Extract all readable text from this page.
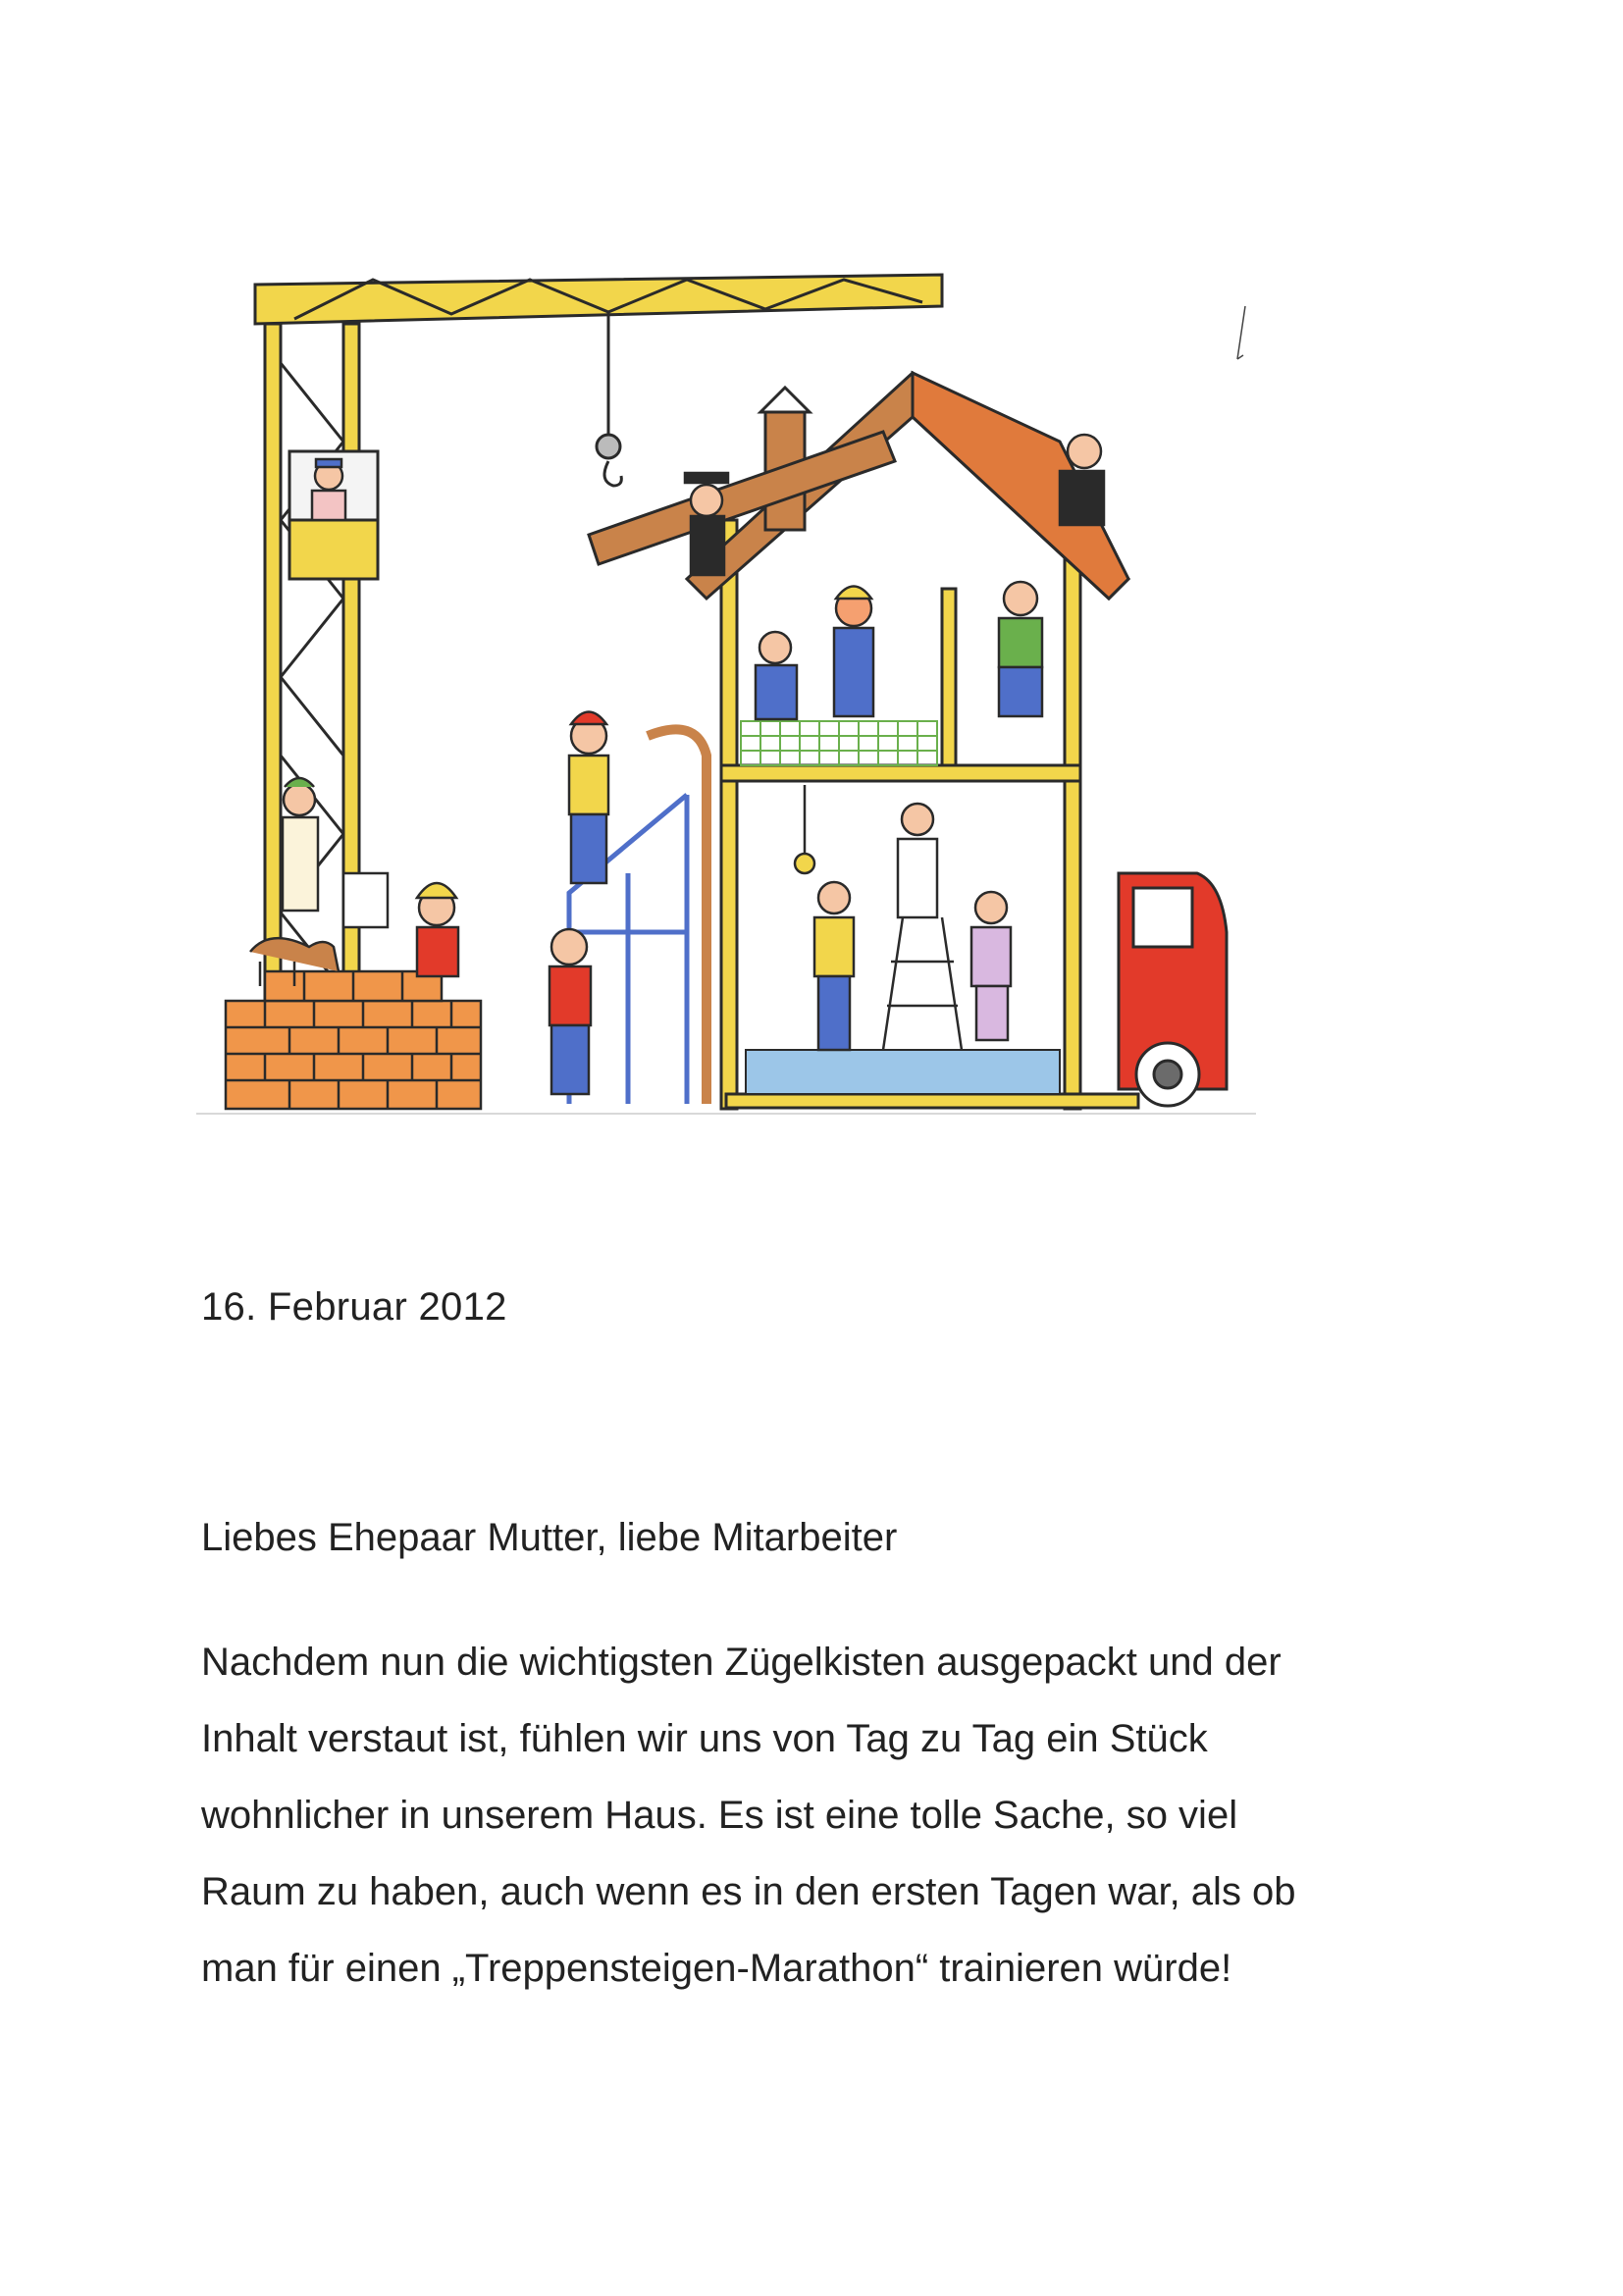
16. Februar 2012
Liebes Ehepaar Mutter, liebe Mitarbeiter
Nachdem nun die wichtigsten Zügelkisten ausgepackt und der
Inhalt verstaut ist, fühlen wir uns von Tag zu Tag ein Stück
wohnlicher in unserem Haus. Es ist eine tolle Sache, so viel
Raum zu haben, auch wenn es in den ersten Tagen war, als ob
man für einen „Treppensteigen-Marathon“ trainieren würde!
